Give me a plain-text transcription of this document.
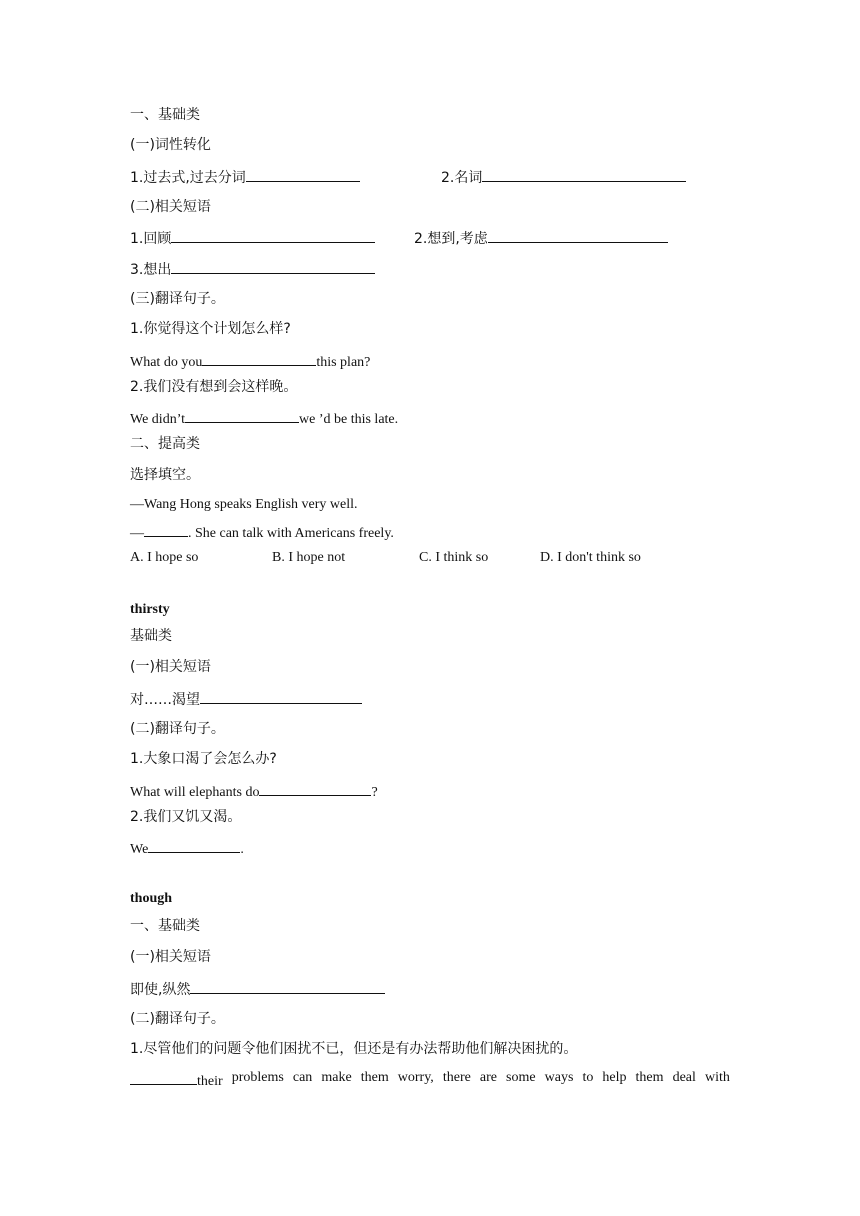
一、基础类
(一)词性转化
1.过去式,过去分词	2.名词
(二)相关短语
1.回顾	2.想到,考虑
3.想出
(三)翻译句子。
1.你觉得这个计划怎么样?
What do you	this plan?
2.我们没有想到会这样晚。
We didn’t	we ’d be this late.
二、提高类
选择填空。
—Wang Hong speaks English very well.
—	. She can talk with Americans freely.
A. I hope so	B. I hope not	C. I think so	D. I don't think so
thirsty
基础类
(一)相关短语
对……渴望
(二)翻译句子。
1.大象口渴了会怎么办?
What will elephants do	?
2.我们又饥又渴。
We	.
though
一、基础类
(一)相关短语
即使,纵然
(二)翻译句子。
1.尽管他们的问题令他们困扰不已，但还是有办法帮助他们解决困扰的。
their problems can make them worry, there are some ways to help them deal with
